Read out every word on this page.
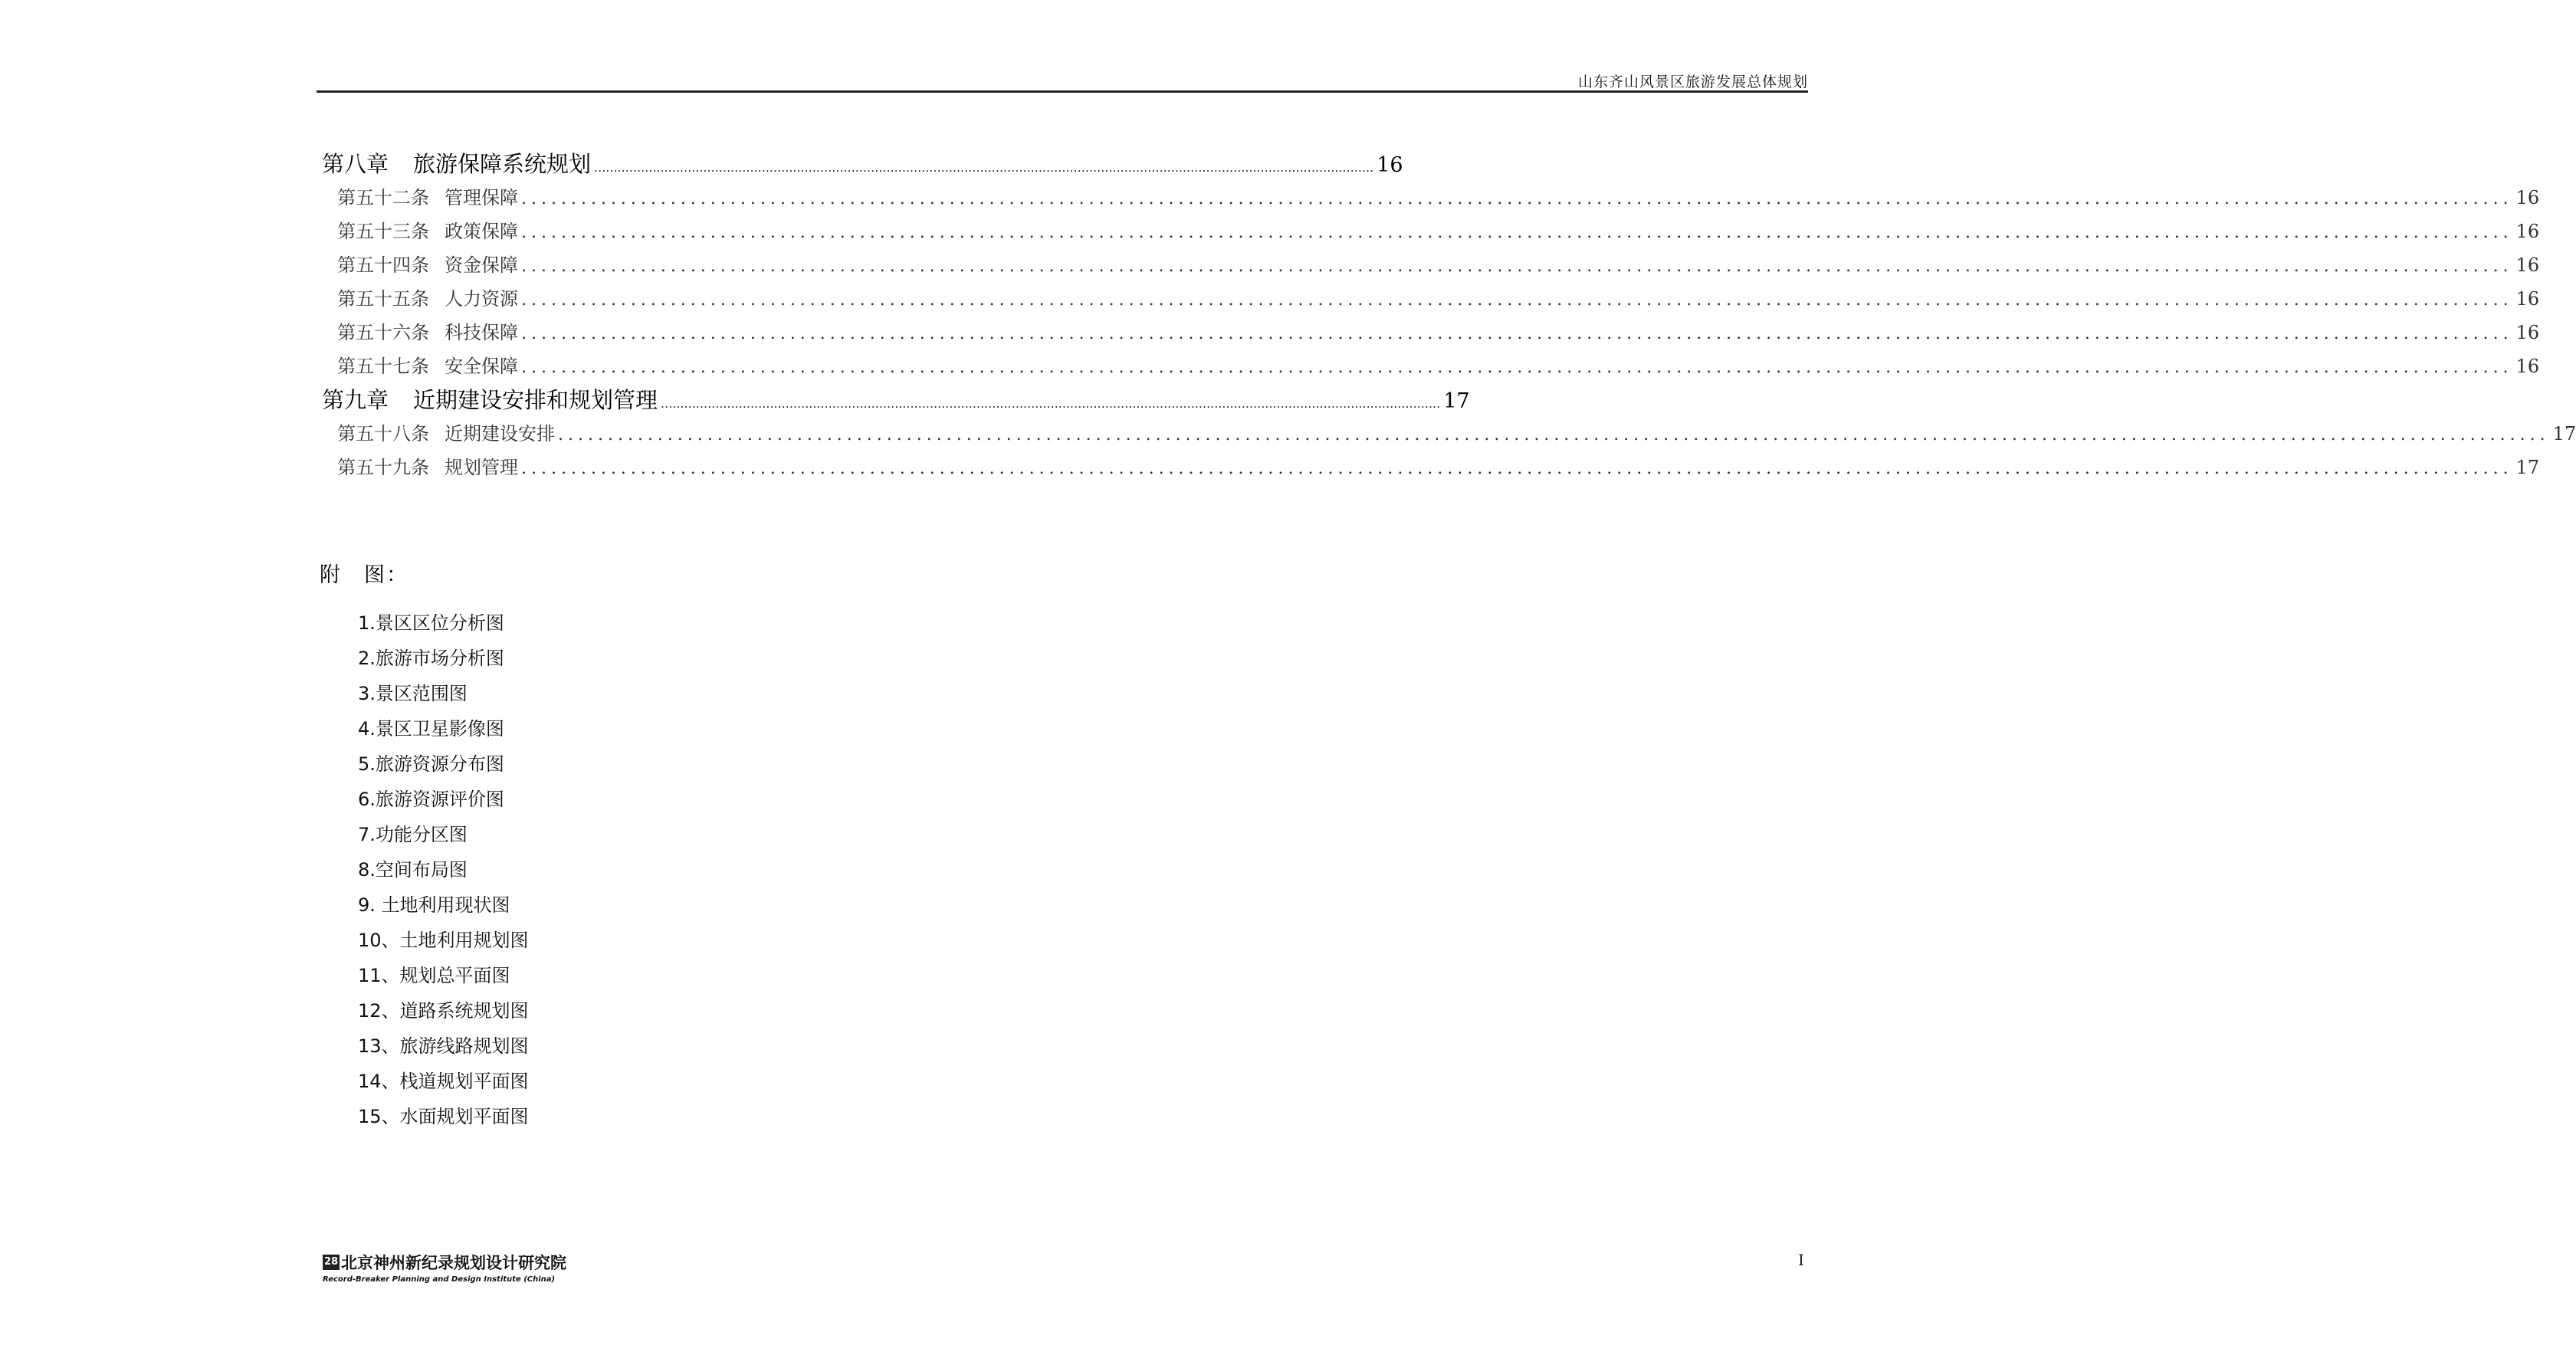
山东齐山风景区旅游发展总体规划
第八章 旅游保障系统规划 ........................................................................................................................................................................................................ 16
第五十二条 管理保障 ........................................................................................................................................................................................................ 16
第五十三条 政策保障 ........................................................................................................................................................................................................ 16
第五十四条 资金保障 ........................................................................................................................................................................................................ 16
第五十五条 人力资源 ........................................................................................................................................................................................................ 16
第五十六条 科技保障 ........................................................................................................................................................................................................ 16
第五十七条 安全保障 ........................................................................................................................................................................................................ 16
第九章 近期建设安排和规划管理 ........................................................................................................................................................................................................ 17
第五十八条 近期建设安排 ........................................................................................................................................................................................................ 17
第五十九条 规划管理 ........................................................................................................................................................................................................ 17
附　图：
1.景区区位分析图
2.旅游市场分析图
3.景区范围图
4.景区卫星影像图
5.旅游资源分布图
6.旅游资源评价图
7.功能分区图
8.空间布局图
9. 土地利用现状图
10、土地利用规划图
11、规划总平面图
12、道路系统规划图
13、旅游线路规划图
14、栈道规划平面图
15、水面规划平面图
28 北京神州新纪录规划设计研究院
Record-Breaker Planning and Design Institute (China)
I
